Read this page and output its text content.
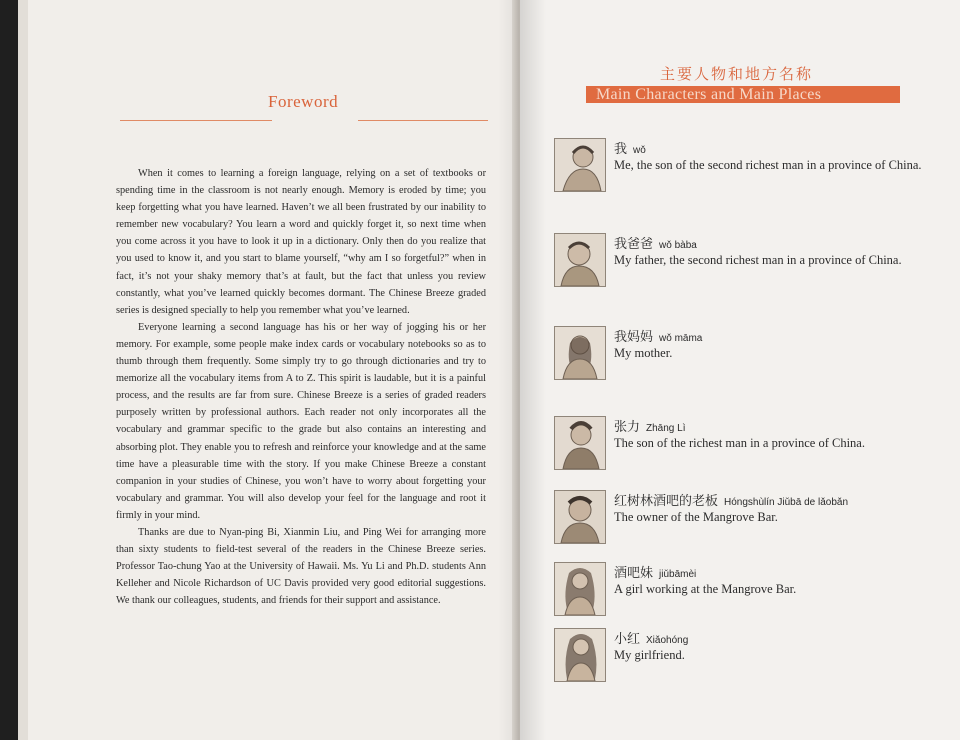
Foreword

When it comes to learning a foreign language, relying on a set of textbooks or spending time in the classroom is not nearly enough. Memory is eroded by time; you keep forgetting what you have learned. Haven’t we all been frustrated by our inability to remember new vocabulary? You learn a word and quickly forget it, so next time when you come across it you have to look it up in a dictionary. Only then do you realize that you used to know it, and you start to blame yourself, “why am I so forgetful?” when in fact, it’s not your shaky memory that’s at fault, but the fact that unless you review constantly, what you’ve learned quickly becomes dormant. The Chinese Breeze graded series is designed specially to help you remember what you’ve learned.

Everyone learning a second language has his or her way of jogging his or her memory. For example, some people make index cards or vocabulary notebooks so as to thumb through them frequently. Some simply try to go through dictionaries and try to memorize all the vocabulary items from A to Z. This spirit is laudable, but it is a painful process, and the results are far from sure. Chinese Breeze is a series of graded readers purposely written by professional authors. Each reader not only incorporates all the vocabulary and grammar specific to the grade but also contains an interesting and absorbing plot. They enable you to refresh and reinforce your knowledge and at the same time have a pleasurable time with the story. If you make Chinese Breeze a constant companion in your studies of Chinese, you won’t have to worry about forgetting your vocabulary and grammar. You will also develop your feel for the language and root it firmly in your mind.

Thanks are due to Nyan-ping Bi, Xianmin Liu, and Ping Wei for arranging more than sixty students to field-test several of the readers in the Chinese Breeze series. Professor Tao-chung Yao at the University of Hawaii. Ms. Yu Li and Ph.D. students Ann Kelleher and Nicole Richardson of UC Davis provided very good editorial suggestions. We thank our colleagues, students, and friends for their support and assistance.

主要人物和地方名称
Main Characters and Main Places
我 wǒ
Me, the son of the second richest man in a province of China.
我爸爸 wǒ bàba
My father, the second richest man in a province of China.
我妈妈 wǒ māma
My mother.
张力 Zhāng Lì
The son of the richest man in a province of China.
红树林酒吧的老板 Hóngshùlín Jiǔbā de lǎobǎn
The owner of the Mangrove Bar.
酒吧妹 jiǔbāmèi
A girl working at the Mangrove Bar.
小红 Xiǎohóng
My girlfriend.
